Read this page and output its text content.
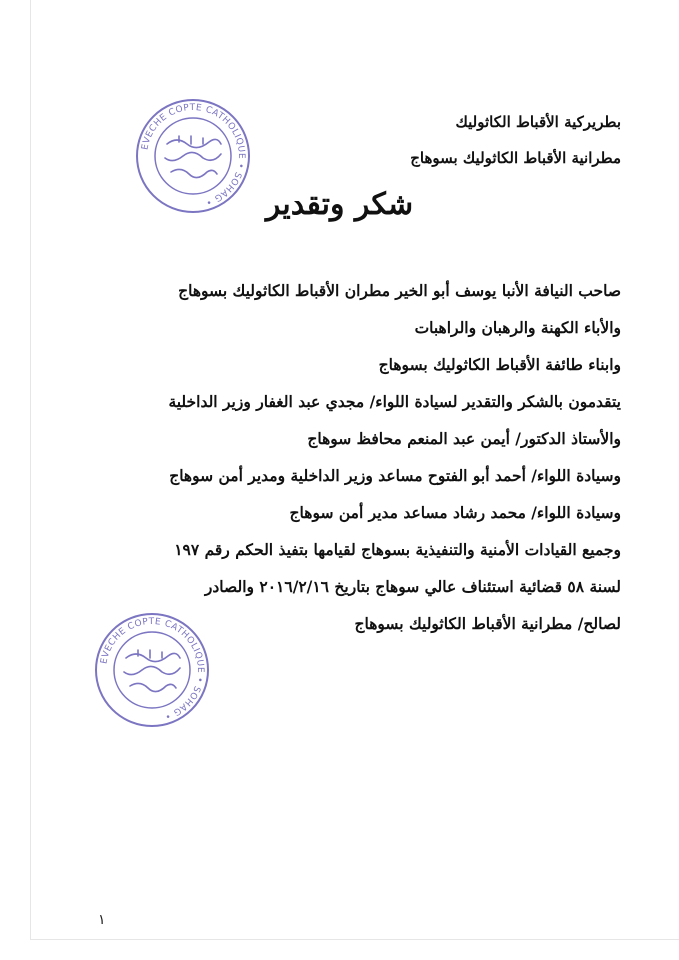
EVECHE COPTE CATHOLIQUE • SOHAG •
EVECHE COPTE CATHOLIQUE • SOHAG •
بطريركية الأقباط الكاثوليك
مطرانية الأقباط الكاثوليك بسوهاج
شكر وتقدير
صاحب النيافة الأنبا يوسف أبو الخير مطران الأقباط الكاثوليك بسوهاج
والأباء الكهنة والرهبان والراهبات
وابناء طائفة الأقباط الكاثوليك بسوهاج
يتقدمون بالشكر والتقدير لسيادة اللواء/ مجدي عبد الغفار وزير الداخلية
والأستاذ الدكتور/ أيمن عبد المنعم محافظ سوهاج
وسيادة اللواء/ أحمد أبو الفتوح مساعد وزير الداخلية ومدير أمن سوهاج
وسيادة اللواء/ محمد رشاد مساعد مدير أمن سوهاج
وجميع القيادات الأمنية والتنفيذية بسوهاج لقيامها بتفيذ الحكم رقم ١٩٧
لسنة ٥٨ قضائية استئناف عالي سوهاج بتاريخ ٢٠١٦/٢/١٦ والصادر
لصالح/ مطرانية الأقباط الكاثوليك بسوهاج
١
